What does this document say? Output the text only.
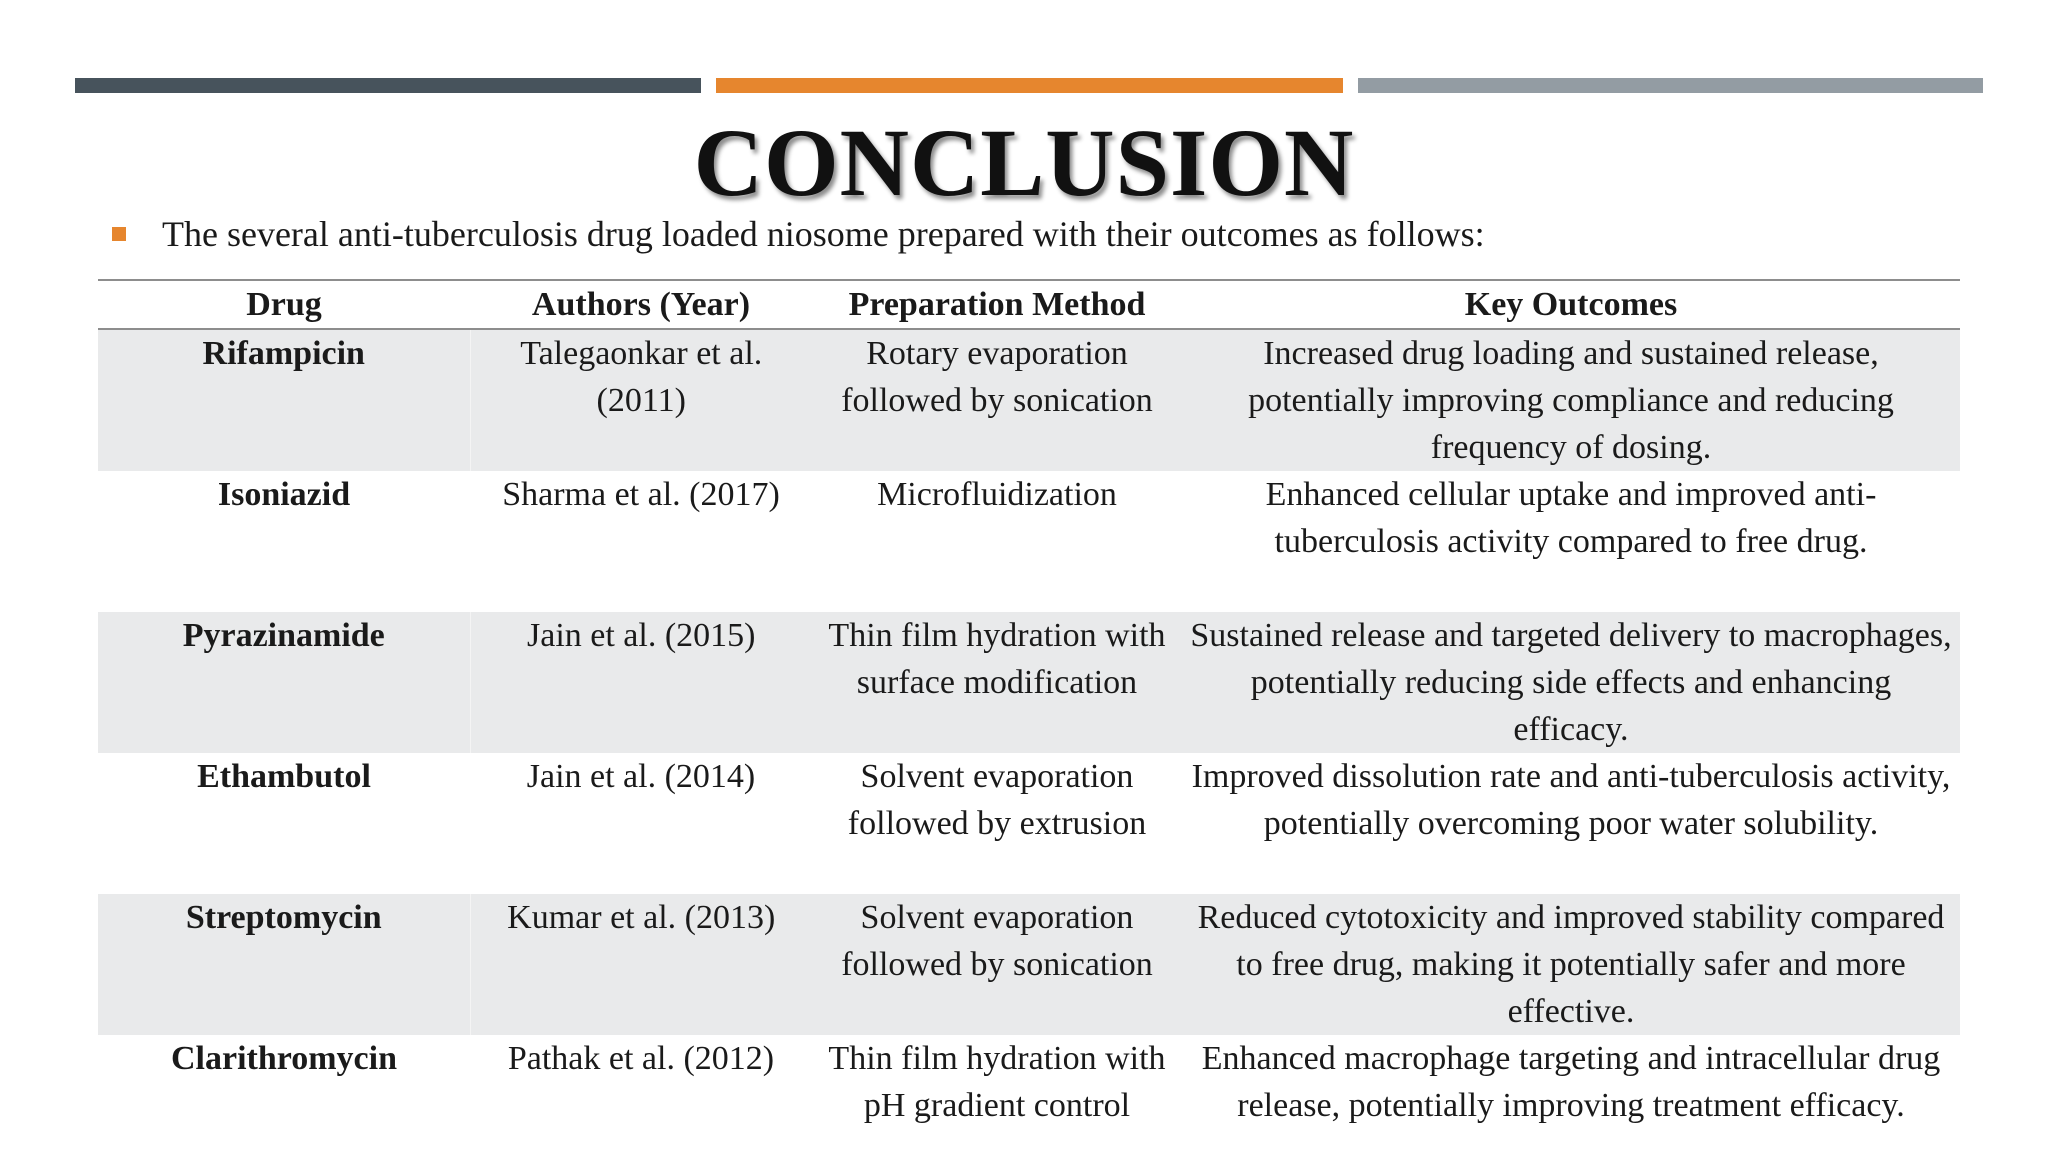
CONCLUSION
The several anti-tuberculosis drug loaded niosome prepared with their outcomes as follows:
Drug	Authors (Year)	Preparation Method	Key Outcomes
Rifampicin	Talegaonkar et al. (2011)	Rotary evaporation followed by sonication	Increased drug loading and sustained release, potentially improving compliance and reducing frequency of dosing.
Isoniazid	Sharma et al. (2017)	Microfluidization	Enhanced cellular uptake and improved anti-tuberculosis activity compared to free drug.
Pyrazinamide	Jain et al. (2015)	Thin film hydration with surface modification	Sustained release and targeted delivery to macrophages, potentially reducing side effects and enhancing efficacy.
Ethambutol	Jain et al. (2014)	Solvent evaporation followed by extrusion	Improved dissolution rate and anti-tuberculosis activity, potentially overcoming poor water solubility.
Streptomycin	Kumar et al. (2013)	Solvent evaporation followed by sonication	Reduced cytotoxicity and improved stability compared to free drug, making it potentially safer and more effective.
Clarithromycin	Pathak et al. (2012)	Thin film hydration with pH gradient control	Enhanced macrophage targeting and intracellular drug release, potentially improving treatment efficacy.
